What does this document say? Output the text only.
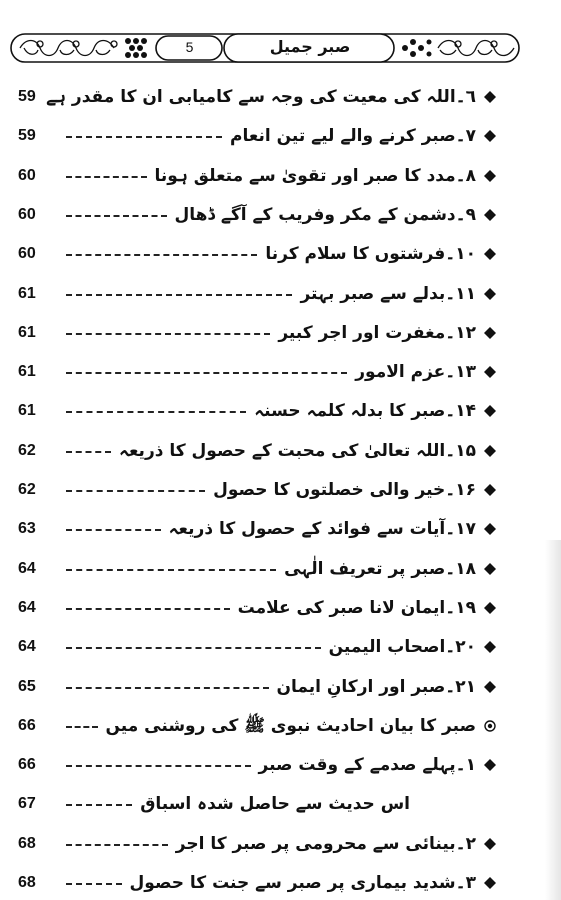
5	صبر جمیل
٦۔اللہ کی معیت کی وجہ سے کامیابی ان کا مقدر ہے
59
۷۔صبر کرنے والے لیے تین انعام
59
۸۔مدد کا صبر اور تقویٰ سے متعلق ہونا
60
۹۔دشمن کے مکر وفریب کے آگے ڈھال
60
۱۰۔فرشتوں کا سلام کرنا
60
۱۱۔بدلے سے صبر بہتر
61
۱۲۔مغفرت اور اجر کبیر
61
۱۳۔عزم الامور
61
۱۴۔صبر کا بدلہ کلمہ حسنہ
61
۱۵۔اللہ تعالیٰ کی محبت کے حصول کا ذریعہ
62
۱۶۔خیر والی خصلتوں کا حصول
62
۱۷۔آیات سے فوائد کے حصول کا ذریعہ
63
۱۸۔صبر پر تعریف الٰہی
64
۱۹۔ایمان لانا صبر کی علامت
64
۲۰۔اصحاب الیمین
64
۲۱۔صبر اور ارکانِ ایمان
65
صبر کا بیان احادیث نبوی ﷺ کی روشنی میں
66
١۔پہلے صدمے کے وقت صبر
66
اس حدیث سے حاصل شدہ اسباق
67
٢۔بینائی سے محرومی پر صبر کا اجر
68
٣۔شدید بیماری پر صبر سے جنت کا حصول
68
